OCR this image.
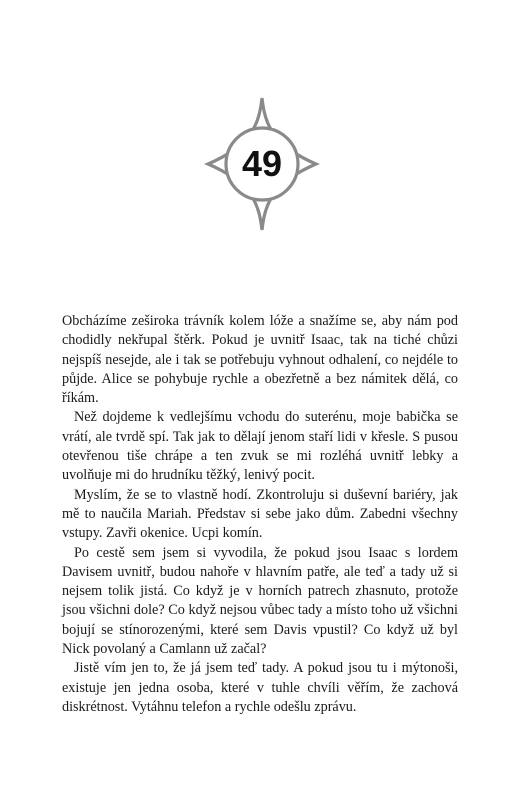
49

Obcházíme zeširoka trávník kolem lóže a snažíme se, aby nám pod chodidly nekřupal štěrk. Pokud je uvnitř Isaac, tak na tiché chůzi nejspíš nesejde, ale i tak se potřebuju vyhnout odhalení, co nejdéle to půjde. Alice se pohybuje rychle a obezřetně a bez námitek dělá, co říkám.

Než dojdeme k vedlejšímu vchodu do suterénu, moje babička se vrátí, ale tvrdě spí. Tak jak to dělají jenom staří lidi v křesle. S pusou otevřenou tiše chrápe a ten zvuk se mi rozléhá uvnitř lebky a uvolňuje mi do hrudníku těžký, lenivý pocit.

Myslím, že se to vlastně hodí. Zkontroluju si duševní bariéry, jak mě to naučila Mariah. Představ si sebe jako dům. Zabedni všechny vstupy. Zavři okenice. Ucpi komín.

Po cestě sem jsem si vyvodila, že pokud jsou Isaac s lordem Davisem uvnitř, budou nahoře v hlavním patře, ale teď a tady už si nejsem tolik jistá. Co když je v horních patrech zhasnuto, protože jsou všichni dole? Co když nejsou vůbec tady a místo toho už všichni bojují se stínorozenými, které sem Davis vpustil? Co když už byl Nick povolaný a Camlann už začal?

Jistě vím jen to, že já jsem teď tady. A pokud jsou tu i mýtonoši, existuje jen jedna osoba, které v tuhle chvíli věřím, že zachová diskrétnost. Vytáhnu telefon a rychle odešlu zprávu.
